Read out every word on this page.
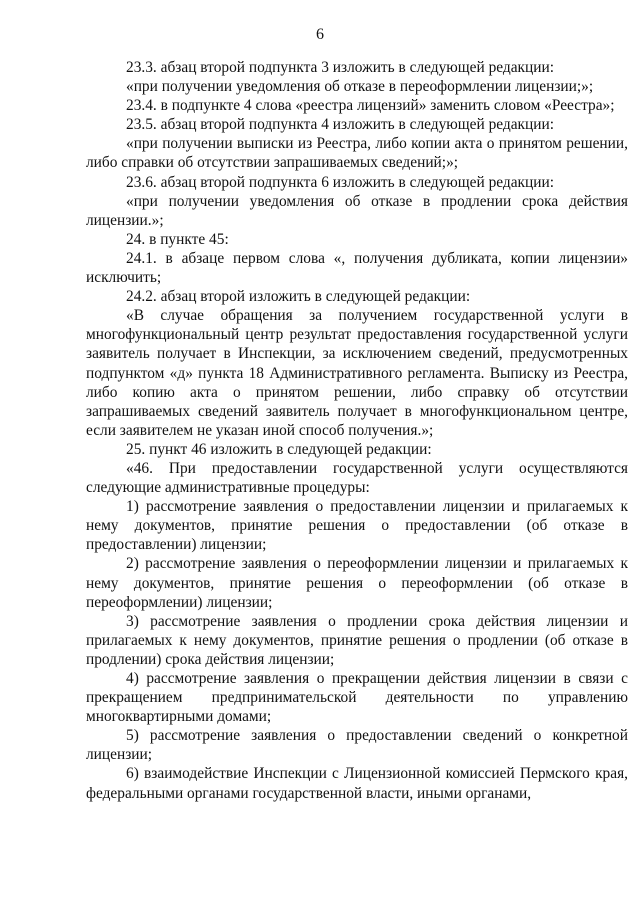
6

23.3. абзац второй подпункта 3 изложить в следующей редакции:

«при получении уведомления об отказе в переоформлении лицензии;»;

23.4. в подпункте 4 слова «реестра лицензий» заменить словом «Реестра»;

23.5. абзац второй подпункта 4 изложить в следующей редакции:

«при получении выписки из Реестра, либо копии акта о принятом решении, либо справки об отсутствии запрашиваемых сведений;»;

23.6. абзац второй подпункта 6 изложить в следующей редакции:

«при получении уведомления об отказе в продлении срока действия лицензии.»;

24. в пункте 45:

24.1. в абзаце первом слова «, получения дубликата, копии лицензии» исключить;

24.2. абзац второй изложить в следующей редакции:

«В случае обращения за получением государственной услуги в многофункциональный центр результат предоставления государственной услуги заявитель получает в Инспекции, за исключением сведений, предусмотренных подпунктом «д» пункта 18 Административного регламента. Выписку из Реестра, либо копию акта о принятом решении, либо справку об отсутствии запрашиваемых сведений заявитель получает в многофункциональном центре, если заявителем не указан иной способ получения.»;

25. пункт 46 изложить в следующей редакции:

«46. При предоставлении государственной услуги осуществляются следующие административные процедуры:

1) рассмотрение заявления о предоставлении лицензии и прилагаемых к нему документов, принятие решения о предоставлении (об отказе в предоставлении) лицензии;

2) рассмотрение заявления о переоформлении лицензии и прилагаемых к нему документов, принятие решения о переоформлении (об отказе в переоформлении) лицензии;

3) рассмотрение заявления о продлении срока действия лицензии и прилагаемых к нему документов, принятие решения о продлении (об отказе в продлении) срока действия лицензии;

4) рассмотрение заявления о прекращении действия лицензии в связи с прекращением предпринимательской деятельности по управлению многоквартирными домами;

5) рассмотрение заявления о предоставлении сведений о конкретной лицензии;

6) взаимодействие Инспекции с Лицензионной комиссией Пермского края, федеральными органами государственной власти, иными органами,
